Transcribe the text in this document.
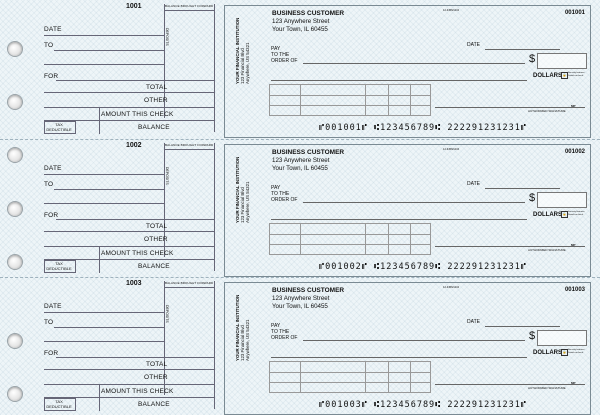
1001	BALANCE BROUGHT FORWARD
DEPOSITS
DATE
TO
FOR
TOTAL
OTHER
AMOUNT THIS CHECK
TAX DEDUCTIBLE	BALANCE
YOUR FINANCIAL INSTITUTION
123 Financial Blvd
Anywhere, US 54321
BUSINESS CUSTOMER
123 Anywhere Street
Your Town, IL 60455
12-3456/1234	001001
DATE
PAY
TO THE
ORDER OF	$
DOLLARS 🔒 Security features. Details on back.
MP
AUTHORIZED SIGNATURE
⑈001001⑈ ⑆123456789⑆ 222291231231⑈
1002	BALANCE BROUGHT FORWARD
DEPOSITS
DATE
TO
FOR
TOTAL
OTHER
AMOUNT THIS CHECK
TAX DEDUCTIBLE	BALANCE
YOUR FINANCIAL INSTITUTION
123 Financial Blvd
Anywhere, US 54321
BUSINESS CUSTOMER
123 Anywhere Street
Your Town, IL 60455
12-3456/1234	001002
DATE
PAY
TO THE
ORDER OF	$
DOLLARS 🔒 Security features. Details on back.
MP
AUTHORIZED SIGNATURE
⑈001002⑈ ⑆123456789⑆ 222291231231⑈
1003	BALANCE BROUGHT FORWARD
DEPOSITS
DATE
TO
FOR
TOTAL
OTHER
AMOUNT THIS CHECK
TAX DEDUCTIBLE	BALANCE
YOUR FINANCIAL INSTITUTION
123 Financial Blvd
Anywhere, US 54321
BUSINESS CUSTOMER
123 Anywhere Street
Your Town, IL 60455
12-3456/1234	001003
DATE
PAY
TO THE
ORDER OF	$
DOLLARS 🔒 Security features. Details on back.
MP
AUTHORIZED SIGNATURE
⑈001003⑈ ⑆123456789⑆ 222291231231⑈
